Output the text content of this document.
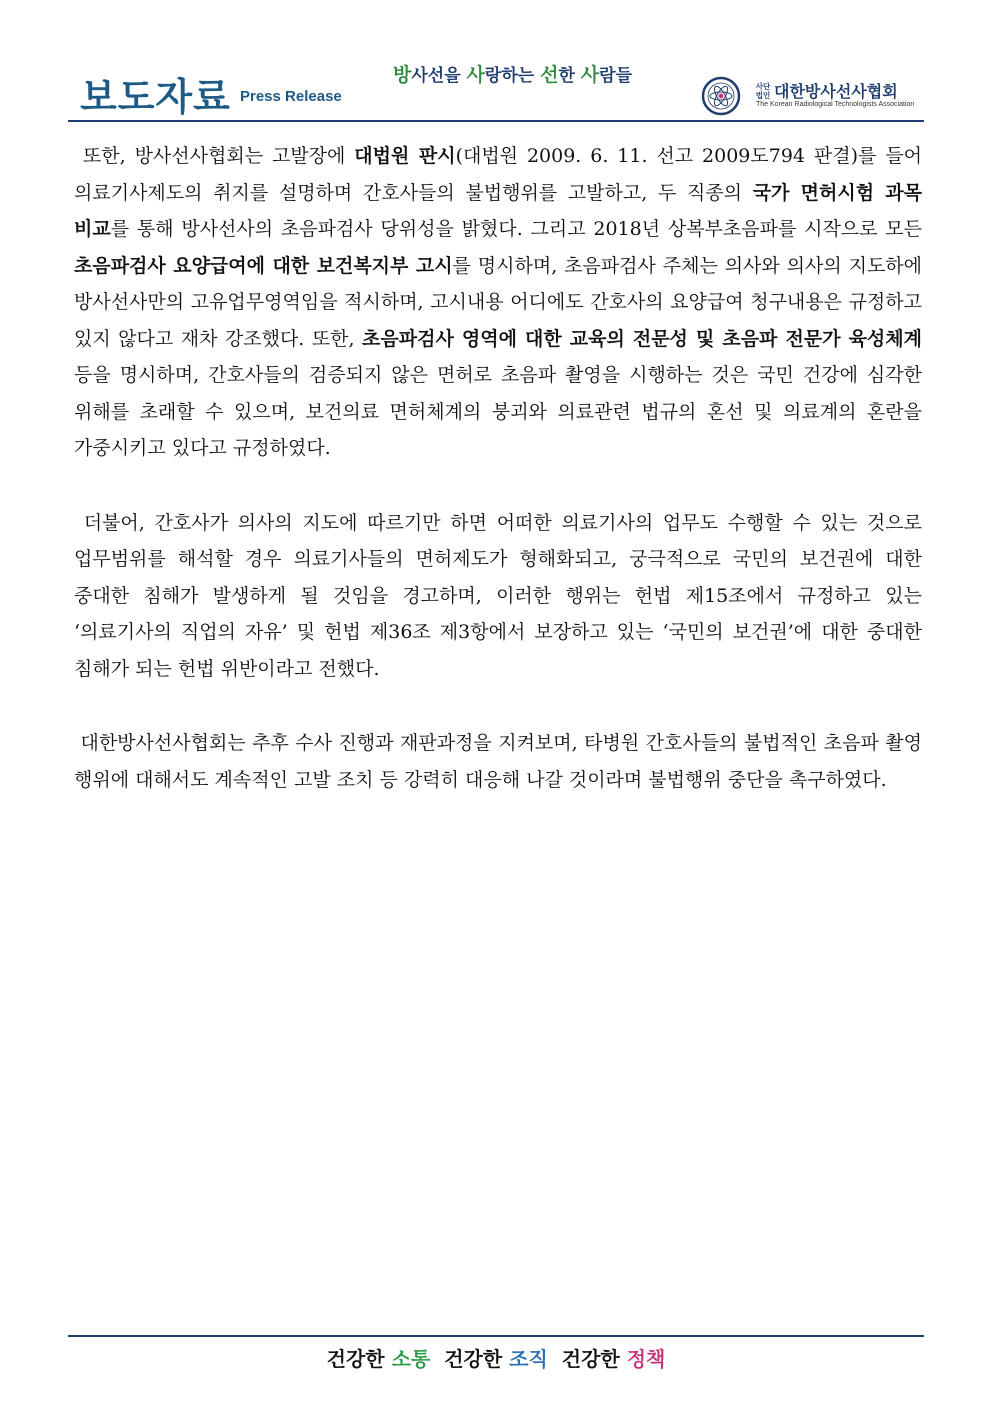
보도자료 Press Release
방사선을 사랑하는 선한 사람들
사단법인 대한방사선사협회
The Korean Radiological Technologists Association

또한, 방사선사협회는 고발장에 대법원 판시(대법원 2009. 6. 11. 선고 2009도794 판결)를 들어 의료기사제도의 취지를 설명하며 간호사들의 불법행위를 고발하고, 두 직종의 국가 면허시험 과목 비교를 통해 방사선사의 초음파검사 당위성을 밝혔다. 그리고 2018년 상복부초음파를 시작으로 모든 초음파검사 요양급여에 대한 보건복지부 고시를 명시하며, 초음파검사 주체는 의사와 의사의 지도하에 방사선사만의 고유업무영역임을 적시하며, 고시내용 어디에도 간호사의 요양급여 청구내용은 규정하고 있지 않다고 재차 강조했다. 또한, 초음파검사 영역에 대한 교육의 전문성 및 초음파 전문가 육성체계 등을 명시하며, 간호사들의 검증되지 않은 면허로 초음파 촬영을 시행하는 것은 국민 건강에 심각한 위해를 초래할 수 있으며, 보건의료 면허체계의 붕괴와 의료관련 법규의 혼선 및 의료계의 혼란을 가중시키고 있다고 규정하였다.

더불어, 간호사가 의사의 지도에 따르기만 하면 어떠한 의료기사의 업무도 수행할 수 있는 것으로 업무범위를 해석할 경우 의료기사들의 면허제도가 형해화되고, 궁극적으로 국민의 보건권에 대한 중대한 침해가 발생하게 될 것임을 경고하며, 이러한 행위는 헌법 제15조에서 규정하고 있는 ‘의료기사의 직업의 자유’ 및 헌법 제36조 제3항에서 보장하고 있는 ‘국민의 보건권’에 대한 중대한 침해가 되는 헌법 위반이라고 전했다.

대한방사선사협회는 추후 수사 진행과 재판과정을 지켜보며, 타병원 간호사들의 불법적인 초음파 촬영 행위에 대해서도 계속적인 고발 조치 등 강력히 대응해 나갈 것이라며 불법행위 중단을 촉구하였다.

건강한 소통 건강한 조직 건강한 정책
